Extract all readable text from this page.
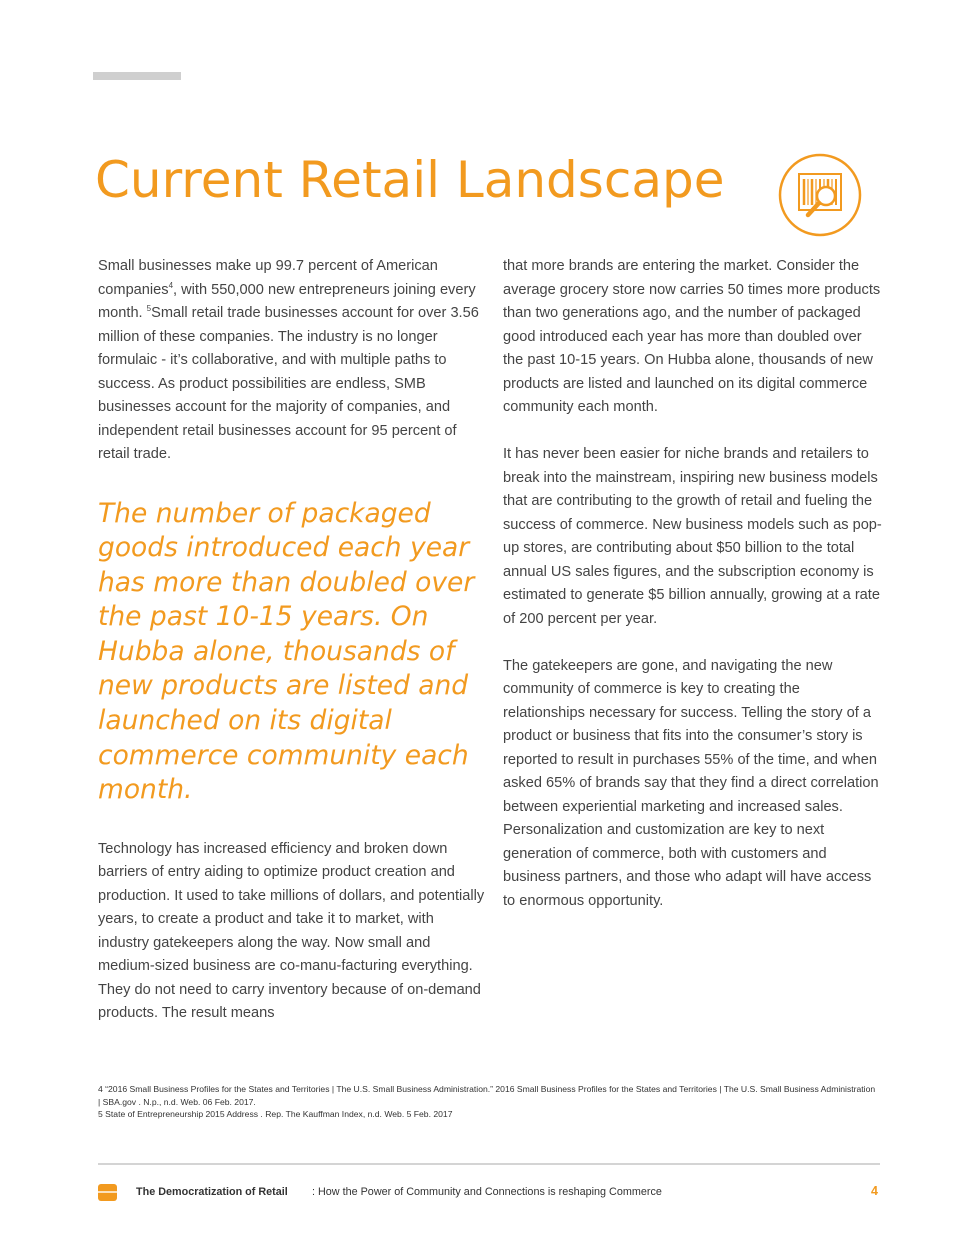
Current Retail Landscape

Small businesses make up 99.7 percent of American companies$^4$, with 550,000 new entrepreneurs joining every month. $^5$Small retail trade businesses account for over 3.56 million of these companies. The industry is no longer formulaic - it’s collaborative, and with multiple paths to success. As product possibilities are endless, SMB businesses account for the majority of companies, and independent retail businesses account for 95 percent of retail trade.

The number of packaged goods introduced each year has more than doubled over the past 10-15 years. On Hubba alone, thousands of new products are listed and launched on its digital commerce community each month.

Technology has increased efficiency and broken down barriers of entry aiding to optimize product creation and production. It used to take millions of dollars, and potentially years, to create a product and take it to market, with industry gatekeepers along the way. Now small and medium-sized business are co-manu-facturing everything. They do not need to carry inventory because of on-demand products. The result means

that more brands are entering the market. Consider the average grocery store now carries 50 times more products than two generations ago, and the number of packaged good introduced each year has more than doubled over the past 10-15 years. On Hubba alone, thousands of new products are listed and launched on its digital commerce community each month.

It has never been easier for niche brands and retailers to break into the mainstream, inspiring new business models that are contributing to the growth of retail and fueling the success of commerce. New business models such as pop-up stores, are contributing about $50 billion to the total annual US sales figures, and the subscription economy is estimated to generate $5 billion annually, growing at a rate of 200 percent per year.

The gatekeepers are gone, and navigating the new community of commerce is key to creating the relationships necessary for success. Telling the story of a product or business that fits into the consumer’s story is reported to result in purchases 55% of the time, and when asked 65% of brands say that they find a direct correlation between experiential marketing and increased sales. Personalization and customization are key to next generation of commerce, both with customers and business partners, and those who adapt will have access to enormous opportunity.

4 “2016 Small Business Profiles for the States and Territories | The U.S. Small Business Administration.” 2016 Small Business Profiles for the States and Territories | The U.S. Small Business Administration | SBA.gov . N.p., n.d. Web. 06 Feb. 2017.
5 State of Entrepreneurship 2015 Address . Rep. The Kauffman Index, n.d. Web. 5 Feb. 2017
The Democratization of Retail : How the Power of Community and Connections is reshaping Commerce	4
